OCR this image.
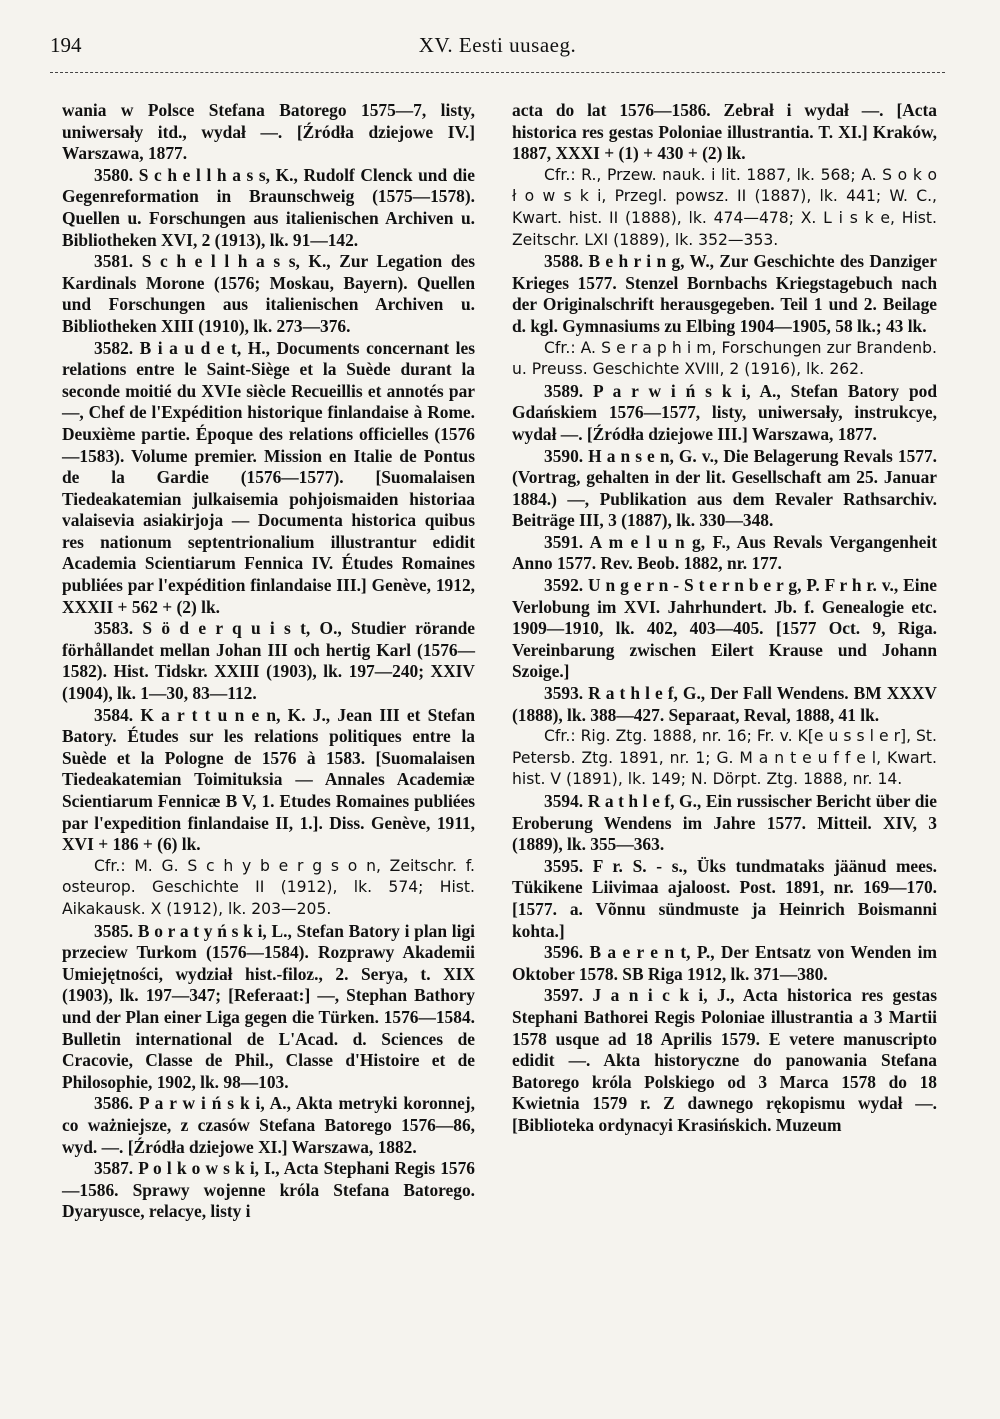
194	XV. Eesti uusaeg.

wania w Polsce Stefana Batorego 1575—7, listy, uniwersały itd., wydał —. [Źródła dziejowe IV.] Warszawa, 1877.

3580. S c h e l l h a s s, K., Rudolf Clenck und die Gegenreformation in Braunschweig (1575—1578). Quellen u. Forschungen aus italienischen Archiven u. Bibliotheken XVI, 2 (1913), lk. 91—142.

3581. S c h e l l h a s s, K., Zur Legation des Kardinals Morone (1576; Moskau, Bayern). Quellen und Forschungen aus italienischen Archiven u. Bibliotheken XIII (1910), lk. 273—376.

3582. B i a u d e t, H., Documents concernant les relations entre le Saint-Siège et la Suède durant la seconde moitié du XVIe siècle Recueillis et annotés par —, Chef de l'Expédition historique finlandaise à Rome. Deuxième partie. Époque des relations officielles (1576—1583). Volume premier. Mission en Italie de Pontus de la Gardie (1576—1577). [Suomalaisen Tiedeakatemian julkaisemia pohjoismaiden historiaa valaisevia asiakirjoja — Documenta historica quibus res nationum septentrionalium illustrantur edidit Academia Scientiarum Fennica IV. Études Romaines publiées par l'expédition finlandaise III.] Genève, 1912, XXXII + 562 + (2) lk.

3583. S ö d e r q u i s t, O., Studier rörande förhållandet mellan Johan III och hertig Karl (1576—1582). Hist. Tidskr. XXIII (1903), lk. 197—240; XXIV (1904), lk. 1—30, 83—112.

3584. K a r t t u n e n, K. J., Jean III et Stefan Batory. Études sur les relations politiques entre la Suède et la Pologne de 1576 à 1583. [Suomalaisen Tiedeakatemian Toimituksia — Annales Academiæ Scientiarum Fennicæ B V, 1. Etudes Romaines publiées par l'expedition finlandaise II, 1.]. Diss. Genève, 1911, XVI + 186 + (6) lk.

Cfr.: M. G. S c h y b e r g s o n, Zeitschr. f. osteurop. Geschichte II (1912), lk. 574; Hist. Aikakausk. X (1912), lk. 203—205.

3585. B o r a t y ń s k i, L., Stefan Batory i plan ligi przeciew Turkom (1576—1584). Rozprawy Akademii Umiejętności, wydział hist.-filoz., 2. Serya, t. XIX (1903), lk. 197—347; [Referaat:] —, Stephan Bathory und der Plan einer Liga gegen die Türken. 1576—1584. Bulletin international de L'Acad. d. Sciences de Cracovie, Classe de Phil., Classe d'Histoire et de Philosophie, 1902, lk. 98—103.

3586. P a r w i ń s k i, A., Akta metryki koronnej, co ważniejsze, z czasów Stefana Batorego 1576—86, wyd. —. [Źródła dziejowe XI.] Warszawa, 1882.

3587. P o l k o w s k i, I., Acta Stephani Regis 1576—1586. Sprawy wojenne króla Stefana Batorego. Dyaryusce, relacye, listy i

acta do lat 1576—1586. Zebrał i wydał —. [Acta historica res gestas Poloniae illustrantia. T. XI.] Kraków, 1887, XXXI + (1) + 430 + (2) lk.

Cfr.: R., Przew. nauk. i lit. 1887, lk. 568; A. S o k o ł o w s k i, Przegl. powsz. II (1887), lk. 441; W. C., Kwart. hist. II (1888), lk. 474—478; X. L i s k e, Hist. Zeitschr. LXI (1889), lk. 352—353.

3588. B e h r i n g, W., Zur Geschichte des Danziger Krieges 1577. Stenzel Bornbachs Kriegstagebuch nach der Originalschrift herausgegeben. Teil 1 und 2. Beilage d. kgl. Gymnasiums zu Elbing 1904—1905, 58 lk.; 43 lk.

Cfr.: A. S e r a p h i m, Forschungen zur Brandenb. u. Preuss. Geschichte XVIII, 2 (1916), lk. 262.

3589. P a r w i ń s k i, A., Stefan Batory pod Gdańskiem 1576—1577, listy, uniwersały, instrukcye, wydał —. [Źródła dziejowe III.] Warszawa, 1877.

3590. H a n s e n, G. v., Die Belagerung Revals 1577. (Vortrag, gehalten in der lit. Gesellschaft am 25. Januar 1884.) —, Publikation aus dem Revaler Rathsarchiv. Beiträge III, 3 (1887), lk. 330—348.

3591. A m e l u n g, F., Aus Revals Vergangenheit Anno 1577. Rev. Beob. 1882, nr. 177.

3592. U n g e r n - S t e r n b e r g, P. F r h r. v., Eine Verlobung im XVI. Jahrhundert. Jb. f. Genealogie etc. 1909—1910, lk. 402, 403—405. [1577 Oct. 9, Riga. Vereinbarung zwischen Eilert Krause und Johann Szoige.]

3593. R a t h l e f, G., Der Fall Wendens. BM XXXV (1888), lk. 388—427. Separaat, Reval, 1888, 41 lk.

Cfr.: Rig. Ztg. 1888, nr. 16; Fr. v. K[e u s s l e r], St. Petersb. Ztg. 1891, nr. 1; G. M a n t e u f f e l, Kwart. hist. V (1891), lk. 149; N. Dörpt. Ztg. 1888, nr. 14.

3594. R a t h l e f, G., Ein russischer Bericht über die Eroberung Wendens im Jahre 1577. Mitteil. XIV, 3 (1889), lk. 355—363.

3595. F r. S. - s., Üks tundmataks jäänud mees. Tükikene Liivimaa ajaloost. Post. 1891, nr. 169—170. [1577. a. Võnnu sündmuste ja Heinrich Boismanni kohta.]

3596. B a e r e n t, P., Der Entsatz von Wenden im Oktober 1578. SB Riga 1912, lk. 371—380.

3597. J a n i c k i, J., Acta historica res gestas Stephani Bathorei Regis Poloniae illustrantia a 3 Martii 1578 usque ad 18 Aprilis 1579. E vetere manuscripto edidit —. Akta historyczne do panowania Stefana Batorego króla Polskiego od 3 Marca 1578 do 18 Kwietnia 1579 r. Z dawnego rękopismu wydał —. [Biblioteka ordynacyi Krasińskich. Muzeum
